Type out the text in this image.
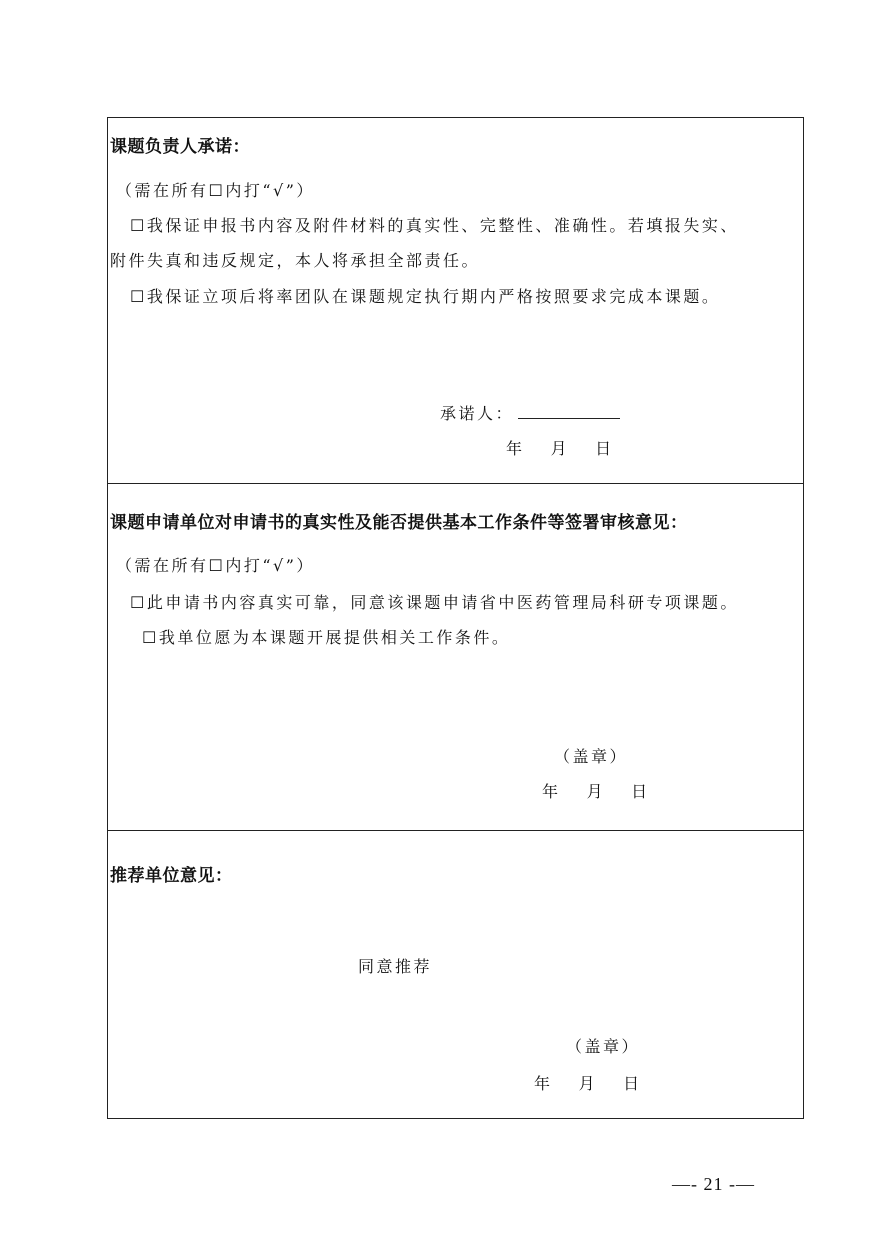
课题负责人承诺：
（需在所有☐内打“√”）
☐我保证申报书内容及附件材料的真实性、完整性、准确性。若填报失实、
附件失真和违反规定，本人将承担全部责任。
☐我保证立项后将率团队在课题规定执行期内严格按照要求完成本课题。
承诺人：
年　 月　 日
课题申请单位对申请书的真实性及能否提供基本工作条件等签署审核意见：
（需在所有☐内打“√”）
☐此申请书内容真实可靠，同意该课题申请省中医药管理局科研专项课题。
☐我单位愿为本课题开展提供相关工作条件。
（盖章）
年　 月　 日
推荐单位意见：
同意推荐
（盖章）
年　 月　 日
—- 21 -—
